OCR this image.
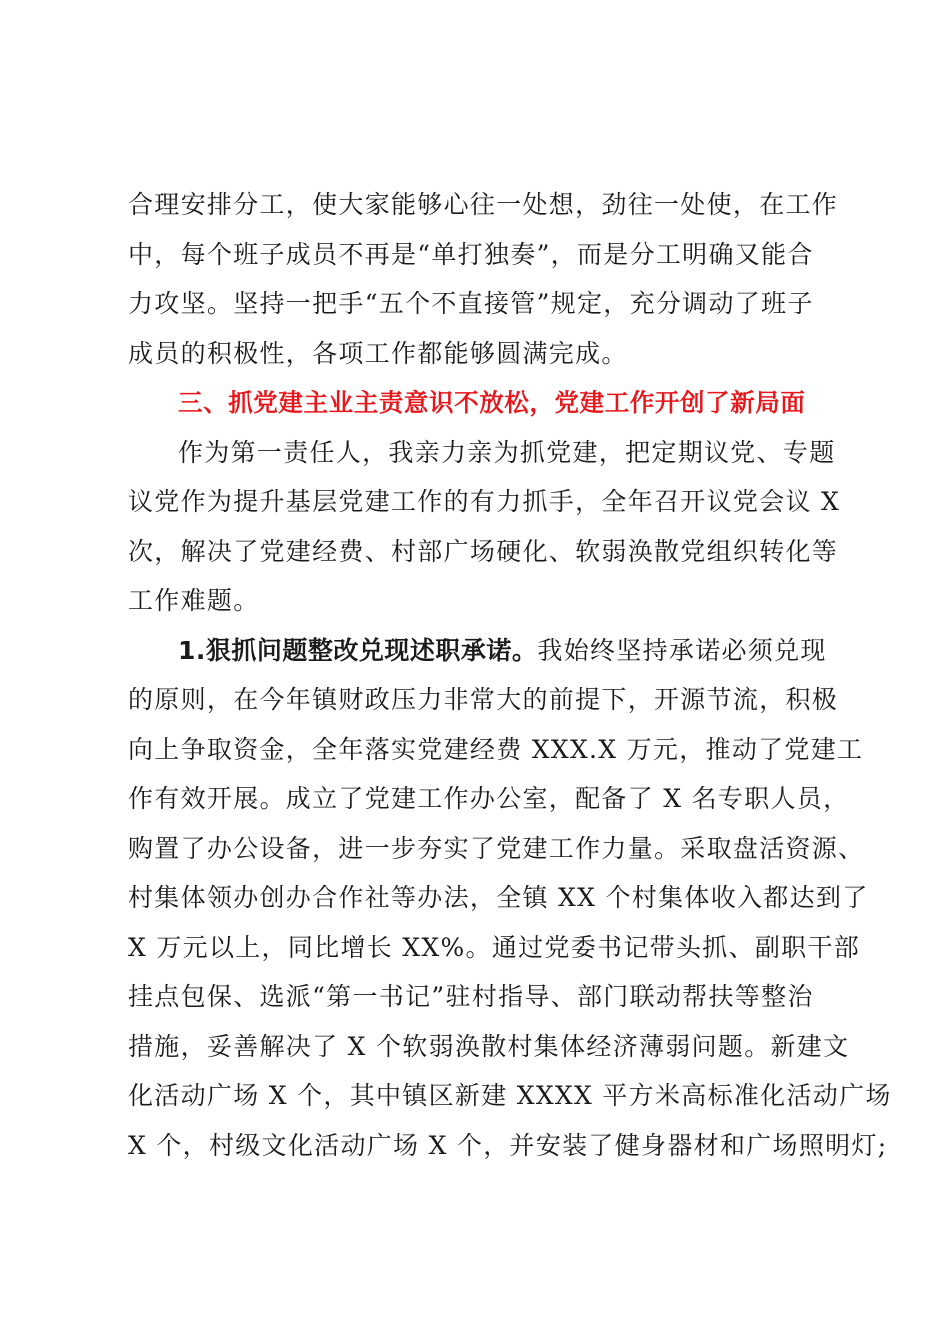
合理安排分工，使大家能够心往一处想，劲往一处使，在工作
中，每个班子成员不再是“单打独奏”，而是分工明确又能合
力攻坚。坚持一把手“五个不直接管”规定，充分调动了班子
成员的积极性，各项工作都能够圆满完成。
三、抓党建主业主责意识不放松，党建工作开创了新局面
作为第一责任人，我亲力亲为抓党建，把定期议党、专题
议党作为提升基层党建工作的有力抓手，全年召开议党会议 X
次，解决了党建经费、村部广场硬化、软弱涣散党组织转化等
工作难题。
1.狠抓问题整改兑现述职承诺。我始终坚持承诺必须兑现
的原则，在今年镇财政压力非常大的前提下，开源节流，积极
向上争取资金，全年落实党建经费 XXX.X 万元，推动了党建工
作有效开展。成立了党建工作办公室，配备了 X 名专职人员，
购置了办公设备，进一步夯实了党建工作力量。采取盘活资源、
村集体领办创办合作社等办法，全镇 XX 个村集体收入都达到了
X 万元以上，同比增长 XX%。通过党委书记带头抓、副职干部
挂点包保、选派“第一书记”驻村指导、部门联动帮扶等整治
措施，妥善解决了 X 个软弱涣散村集体经济薄弱问题。新建文
化活动广场 X 个，其中镇区新建 XXXX 平方米高标准化活动广场
X 个，村级文化活动广场 X 个，并安装了健身器材和广场照明灯;
